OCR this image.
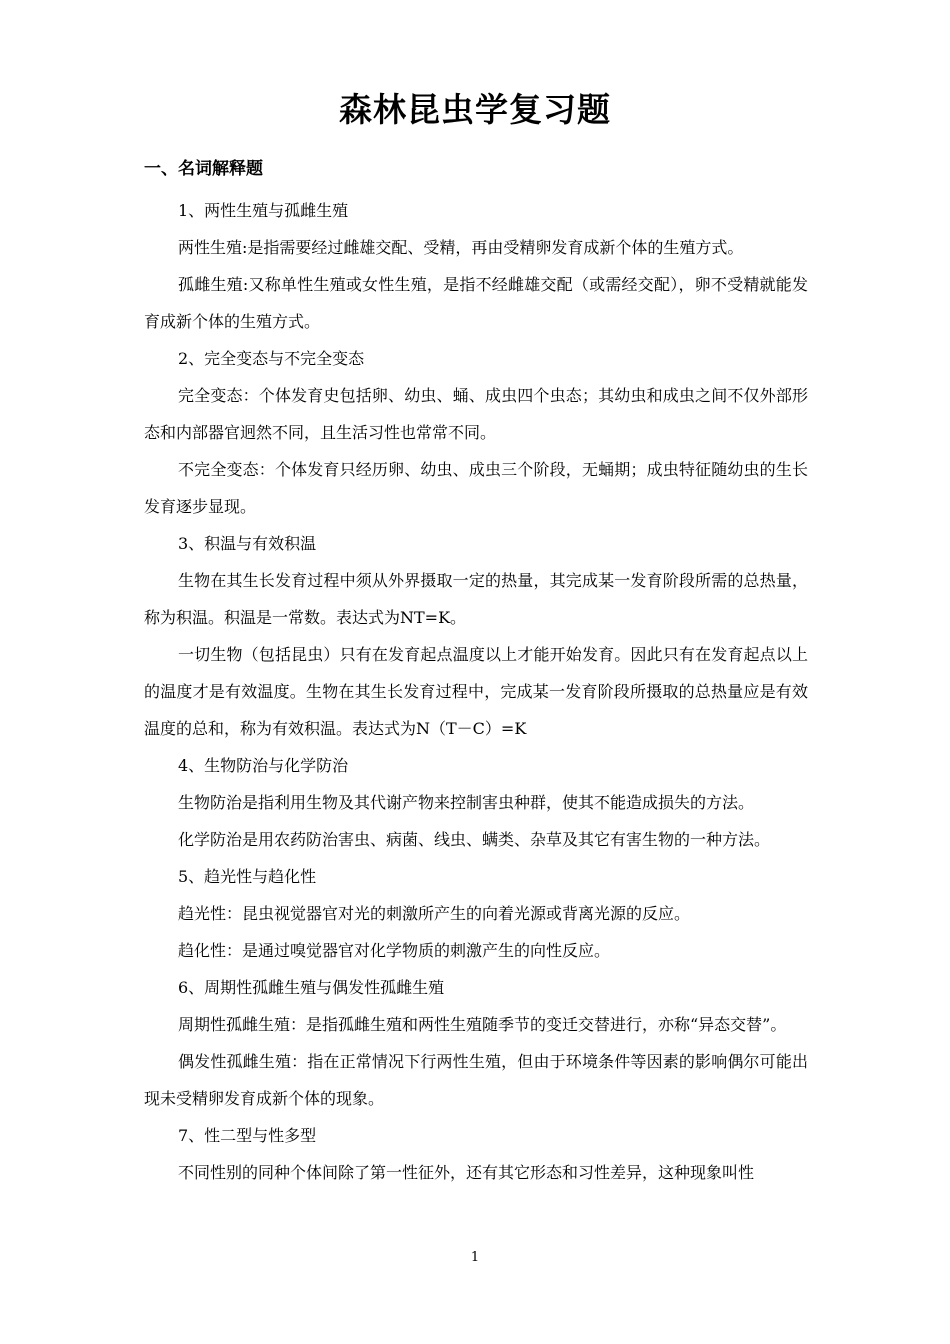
森林昆虫学复习题
一、名词解释题

1、两性生殖与孤雌生殖

两性生殖:是指需要经过雌雄交配、受精，再由受精卵发育成新个体的生殖方式。

孤雌生殖:又称单性生殖或女性生殖，是指不经雌雄交配（或需经交配），卵不受精就能发育成新个体的生殖方式。

2、完全变态与不完全变态

完全变态：个体发育史包括卵、幼虫、蛹、成虫四个虫态；其幼虫和成虫之间不仅外部形态和内部器官迥然不同，且生活习性也常常不同。

不完全变态：个体发育只经历卵、幼虫、成虫三个阶段，无蛹期；成虫特征随幼虫的生长发育逐步显现。

3、积温与有效积温

生物在其生长发育过程中须从外界摄取一定的热量，其完成某一发育阶段所需的总热量，称为积温。积温是一常数。表达式为NT=K。

一切生物（包括昆虫）只有在发育起点温度以上才能开始发育。因此只有在发育起点以上的温度才是有效温度。生物在其生长发育过程中，完成某一发育阶段所摄取的总热量应是有效温度的总和，称为有效积温。表达式为N（T－C）=K

4、生物防治与化学防治

生物防治是指利用生物及其代谢产物来控制害虫种群，使其不能造成损失的方法。

化学防治是用农药防治害虫、病菌、线虫、螨类、杂草及其它有害生物的一种方法。

5、趋光性与趋化性

趋光性：昆虫视觉器官对光的刺激所产生的向着光源或背离光源的反应。

趋化性：是通过嗅觉器官对化学物质的刺激产生的向性反应。

6、周期性孤雌生殖与偶发性孤雌生殖

周期性孤雌生殖：是指孤雌生殖和两性生殖随季节的变迁交替进行，亦称“异态交替”。

偶发性孤雌生殖：指在正常情况下行两性生殖，但由于环境条件等因素的影响偶尔可能出现未受精卵发育成新个体的现象。

7、性二型与性多型

不同性别的同种个体间除了第一性征外，还有其它形态和习性差异，这种现象叫性

1
